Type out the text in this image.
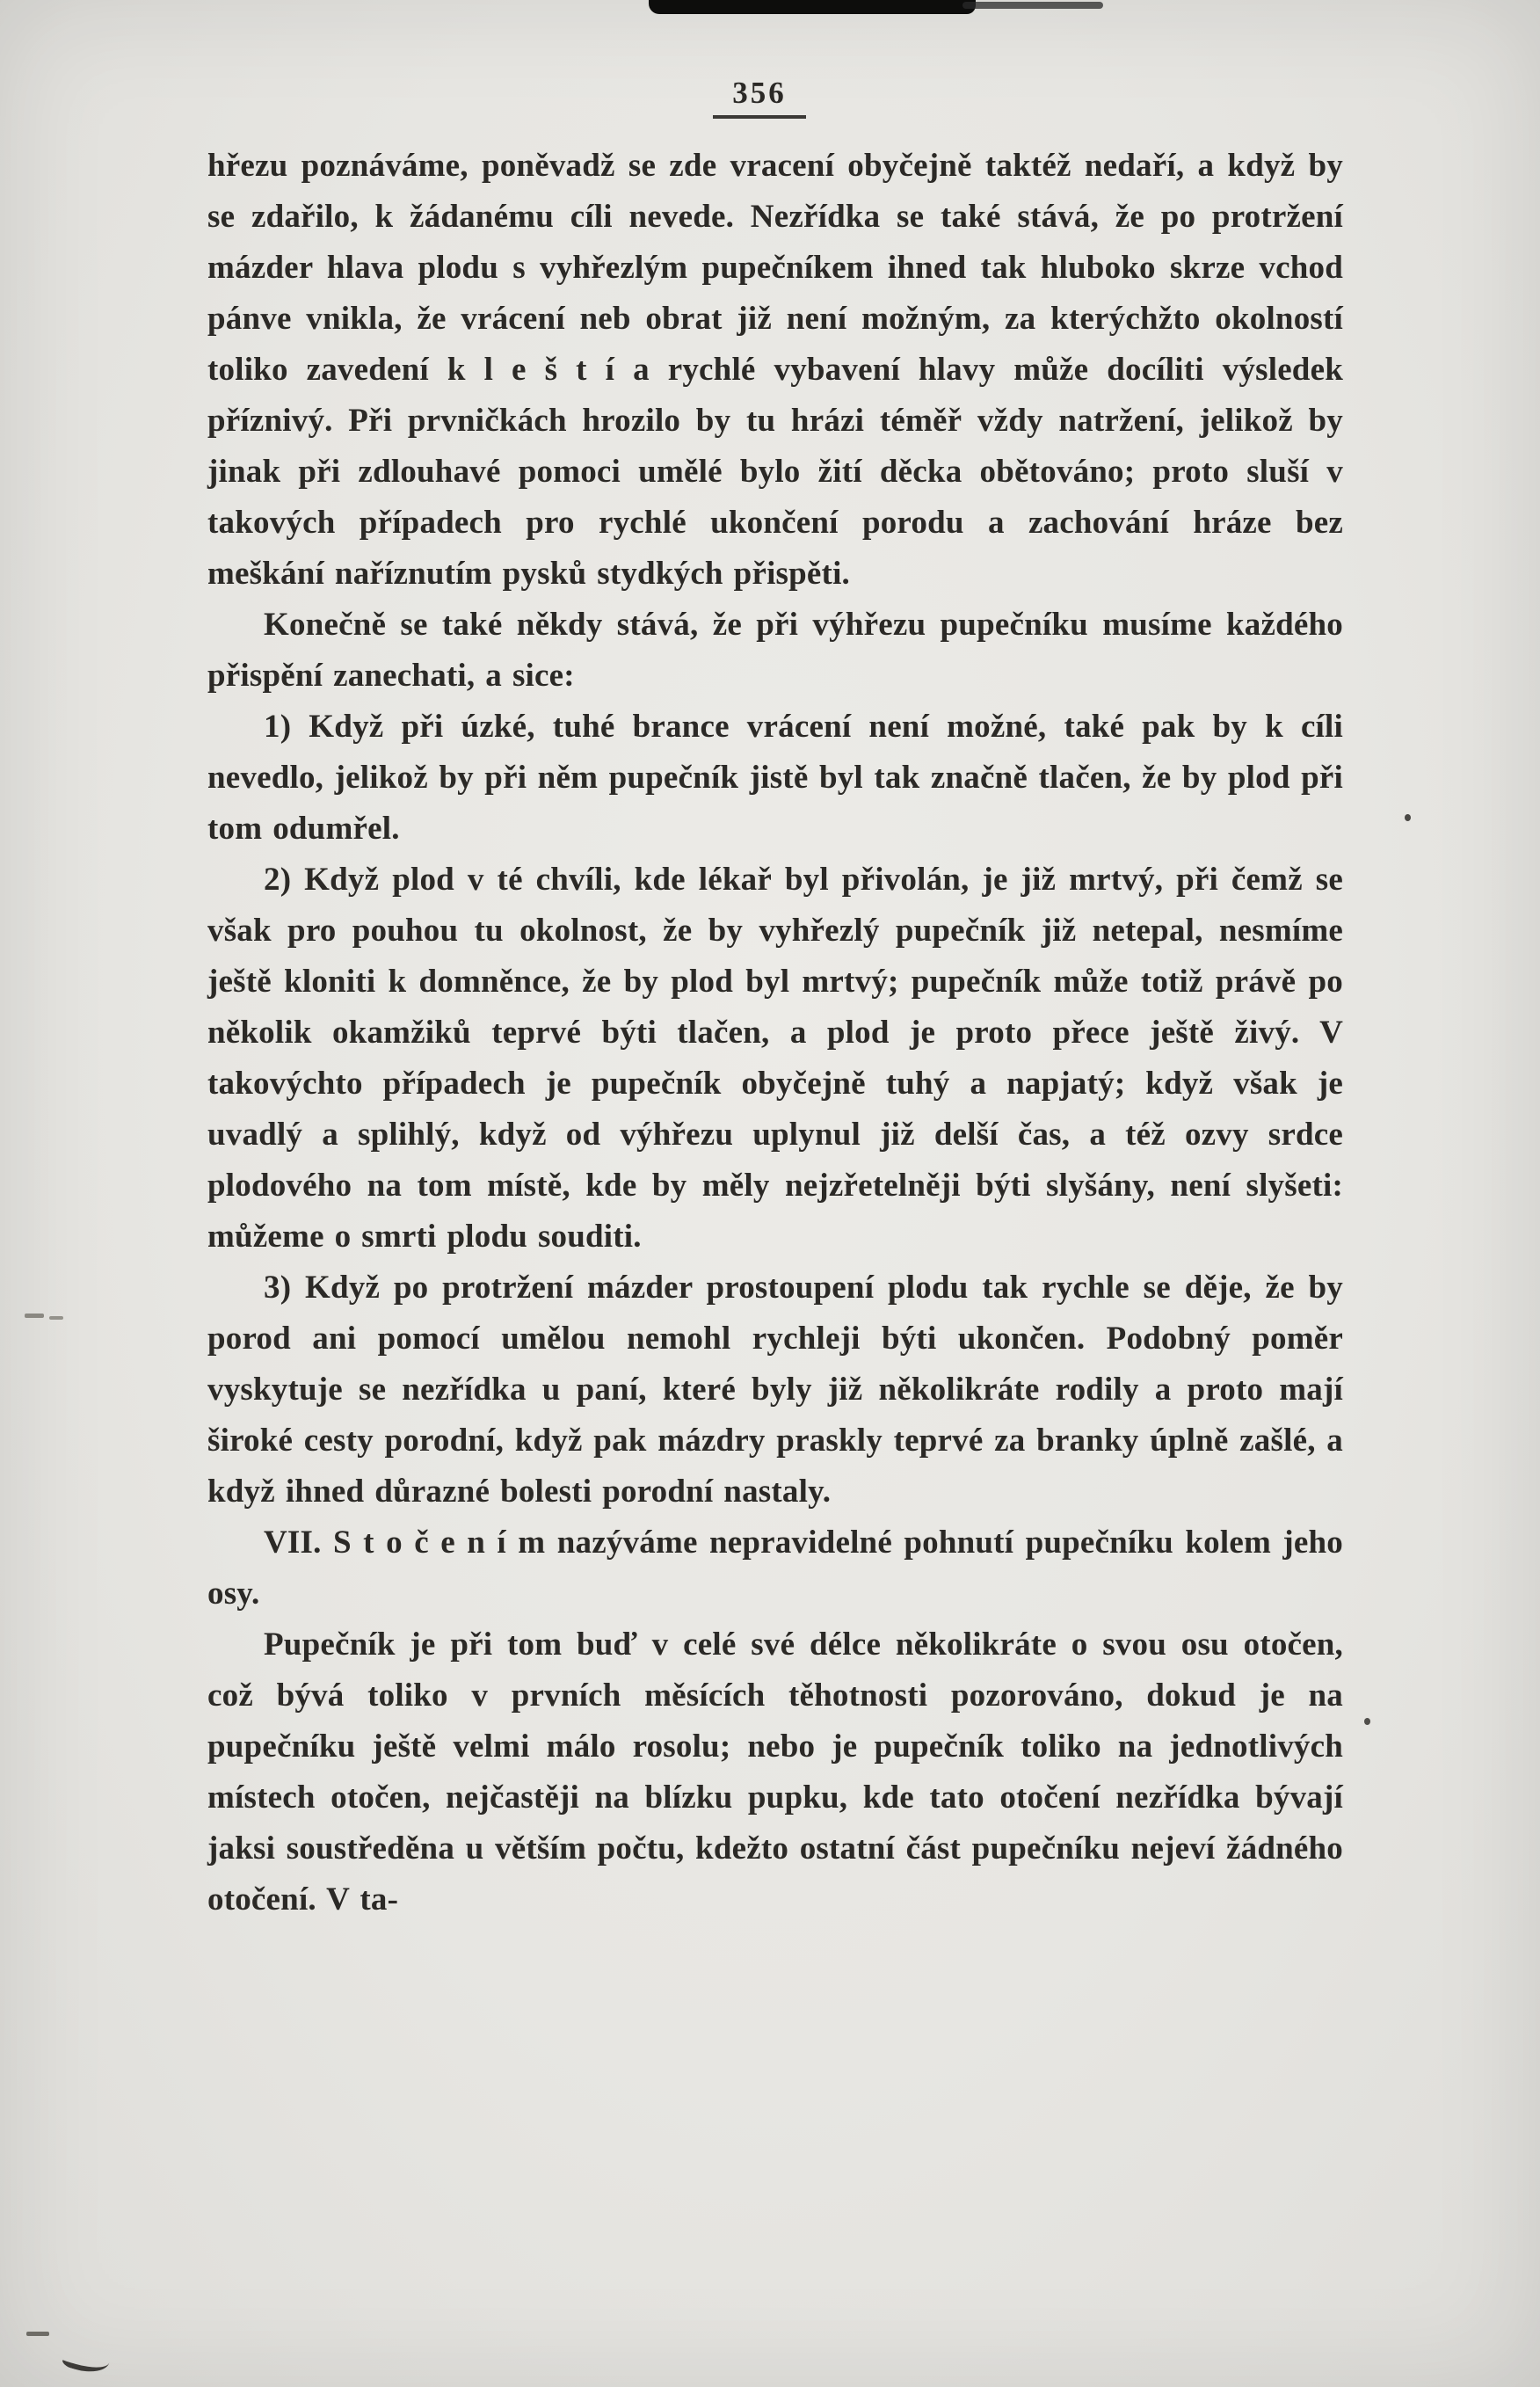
356

hřezu poznáváme, poněvadž se zde vracení obyčejně taktéž nedaří, a když by se zdařilo, k žádanému cíli nevede. Nezřídka se také stává, že po protržení mázder hlava plodu s vyhřezlým pupečníkem ihned tak hluboko skrze vchod pánve vnikla, že vrácení neb obrat již není možným, za kterýchžto okolností toliko zavedení k l e š t í a rychlé vybavení hlavy může docíliti výsledek příznivý. Při prvničkách hrozilo by tu hrázi téměř vždy natržení, jelikož by jinak při zdlouhavé pomoci umělé bylo žití děcka obětováno; proto sluší v takových případech pro rychlé ukončení porodu a zachování hráze bez meškání naříznutím pysků stydkých přispěti.

Konečně se také někdy stává, že při výhřezu pupečníku musíme každého přispění zanechati, a sice:

1) Když při úzké, tuhé brance vrácení není možné, také pak by k cíli nevedlo, jelikož by při něm pupečník jistě byl tak značně tlačen, že by plod při tom odumřel.

2) Když plod v té chvíli, kde lékař byl přivolán, je již mrtvý, při čemž se však pro pouhou tu okolnost, že by vyhřezlý pupečník již netepal, nesmíme ještě kloniti k domněnce, že by plod byl mrtvý; pupečník může totiž právě po několik okamžiků teprvé býti tlačen, a plod je proto přece ještě živý. V takovýchto případech je pupečník obyčejně tuhý a napjatý; když však je uvadlý a splihlý, když od výhřezu uplynul již delší čas, a též ozvy srdce plodového na tom místě, kde by měly nejzřetelněji býti slyšány, není slyšeti: můžeme o smrti plodu souditi.

3) Když po protržení mázder prostoupení plodu tak rychle se děje, že by porod ani pomocí umělou nemohl rychleji býti ukončen. Podobný poměr vyskytuje se nezřídka u paní, které byly již několikráte rodily a proto mají široké cesty porodní, když pak mázdry praskly teprvé za branky úplně zašlé, a když ihned důrazné bolesti porodní nastaly.

VII. S t o č e n í m nazýváme nepravidelné pohnutí pupečníku kolem jeho osy.

Pupečník je při tom buď v celé své délce několikráte o svou osu otočen, což bývá toliko v prvních měsících těhotnosti pozorováno, dokud je na pupečníku ještě velmi málo rosolu; nebo je pupečník toliko na jednotlivých místech otočen, nejčastěji na blízku pupku, kde tato otočení nezřídka bývají jaksi soustředěna u větším počtu, kdežto ostatní část pupečníku nejeví žádného otočení. V ta-
